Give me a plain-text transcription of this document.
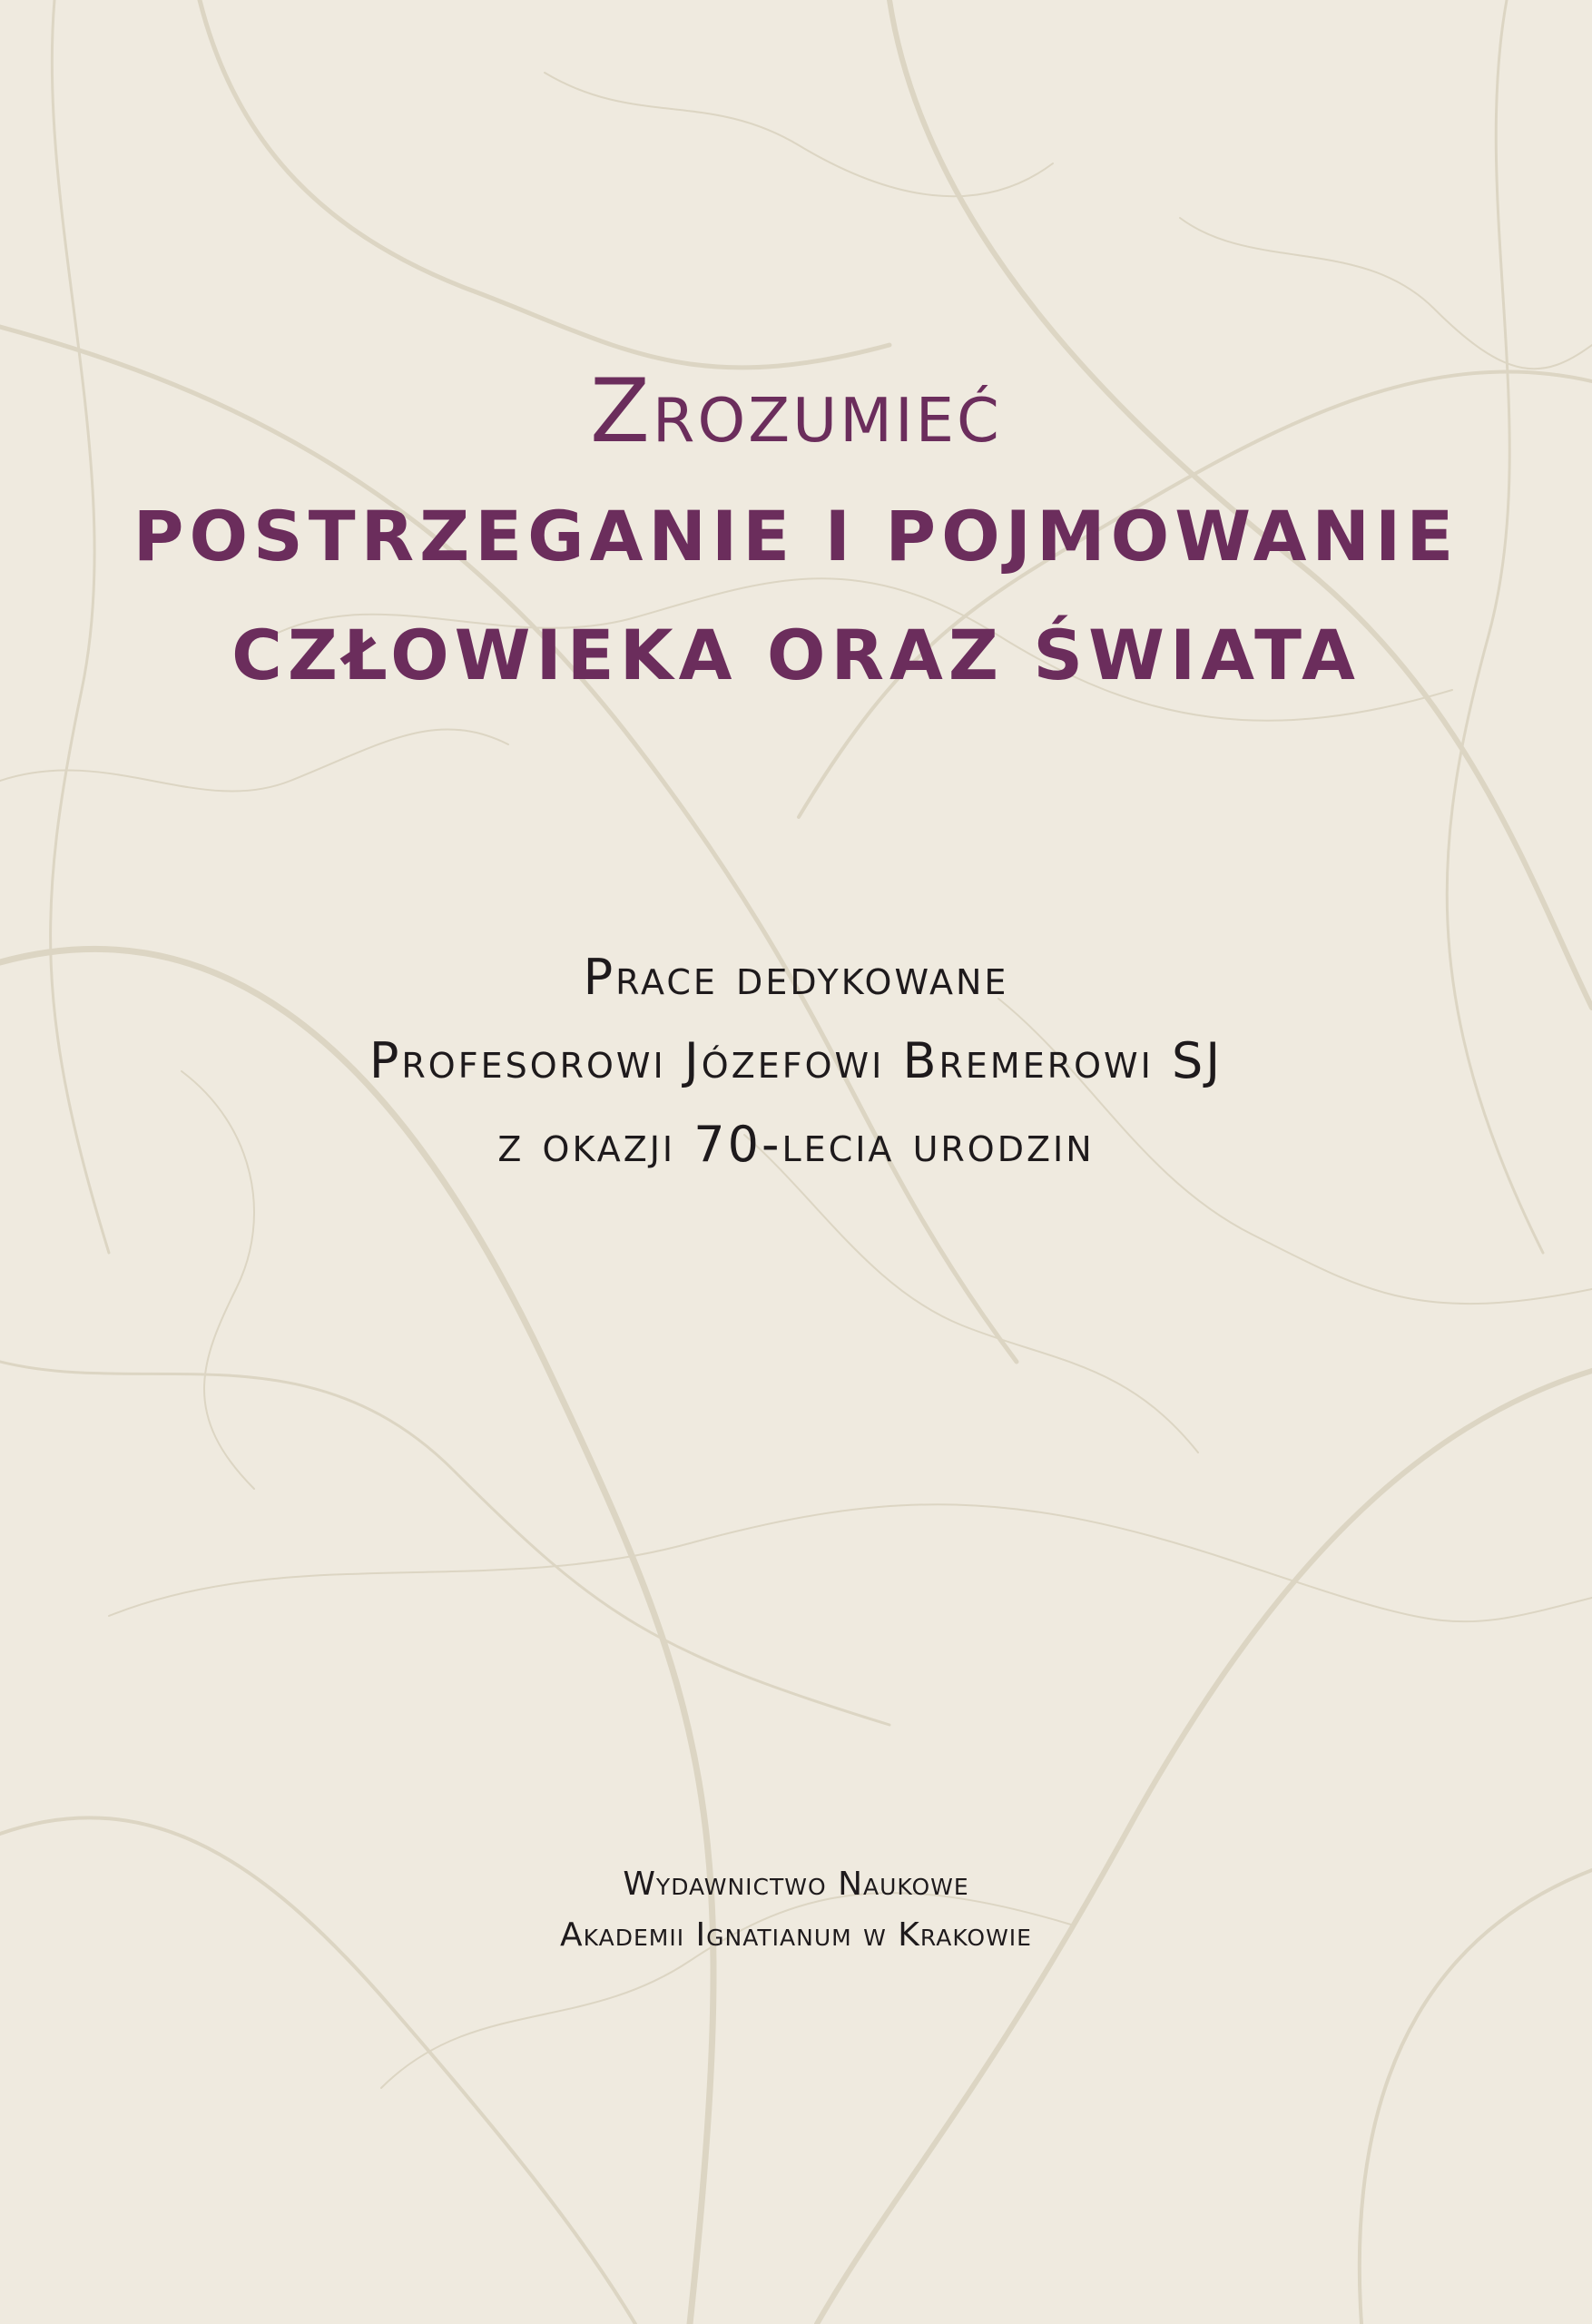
Zrozumieć
POSTRZEGANIE I POJMOWANIE
CZŁOWIEKA ORAZ ŚWIATA
Prace dedykowane
Profesorowi Józefowi Bremerowi SJ
z okazji 70-lecia urodzin
Wydawnictwo Naukowe
Akademii Ignatianum w Krakowie
